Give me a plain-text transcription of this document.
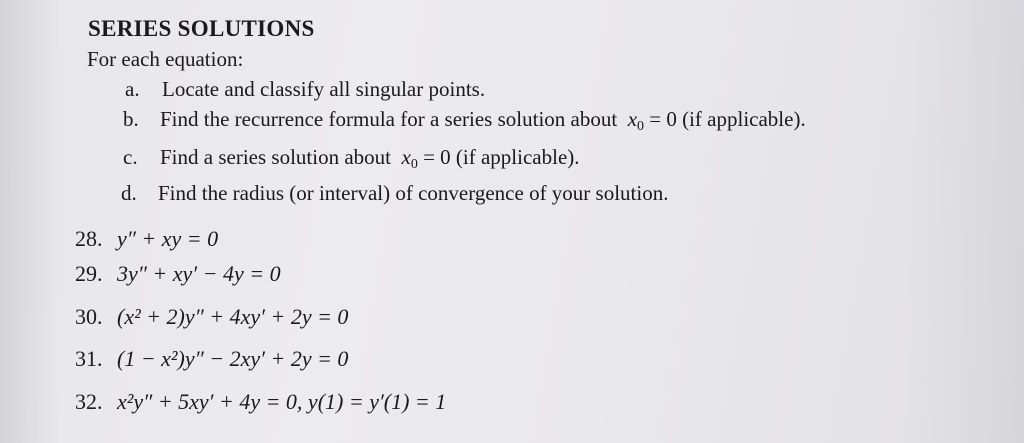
SERIES SOLUTIONS
For each equation:
a. Locate and classify all singular points.
b. Find the recurrence formula for a series solution about $x_0 = 0$ (if applicable).
c. Find a series solution about $x_0 = 0$ (if applicable).
d. Find the radius (or interval) of convergence of your solution.
28. y″ + xy = 0
29. 3y″ + xy′ − 4y = 0
30. (x² + 2)y″ + 4xy′ + 2y = 0
31. (1 − x²)y″ − 2xy′ + 2y = 0
32. x²y″ + 5xy′ + 4y = 0, y(1) = y′(1) = 1
